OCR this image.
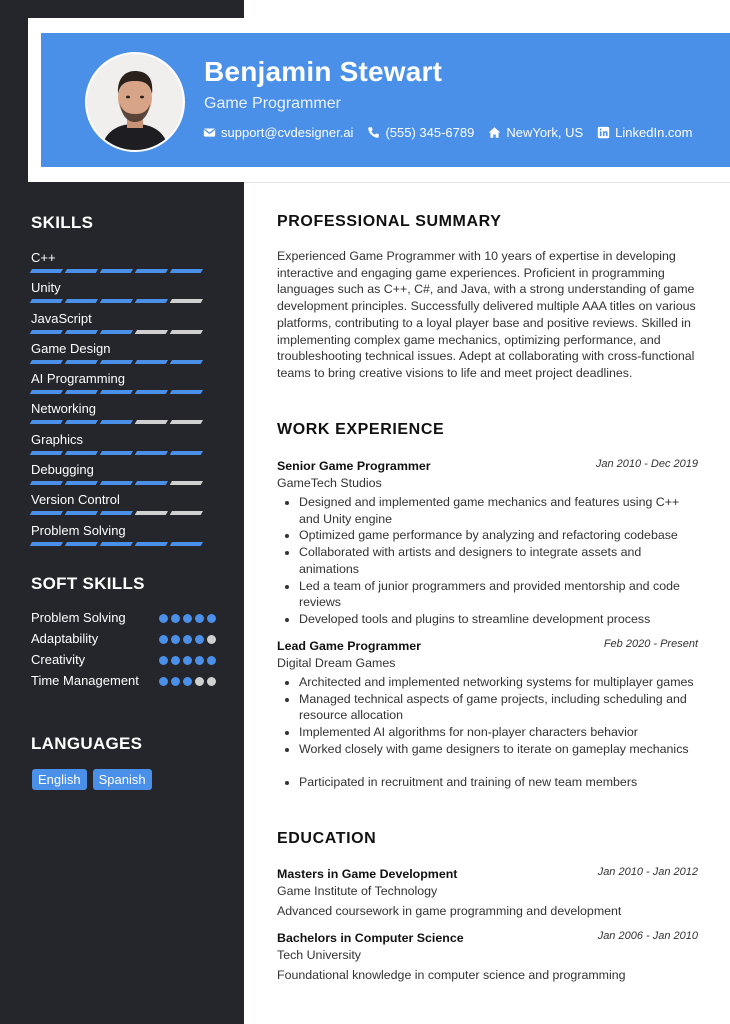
Benjamin Stewart

Game Programmer

support@cvdesigner.ai (555) 345-6789 NewYork, US LinkedIn.com
SKILLS
C++
Unity
JavaScript
Game Design
AI Programming
Networking
Graphics
Debugging
Version Control
Problem Solving
SOFT SKILLS
Problem Solving
Adaptability
Creativity
Time Management
LANGUAGES
English	Spanish
PROFESSIONAL SUMMARY

Experienced Game Programmer with 10 years of expertise in developing interactive and engaging game experiences. Proficient in programming languages such as C++, C#, and Java, with a strong understanding of game development principles. Successfully delivered multiple AAA titles on various platforms, contributing to a loyal player base and positive reviews. Skilled in implementing complex game mechanics, optimizing performance, and troubleshooting technical issues. Adept at collaborating with cross-functional teams to bring creative visions to life and meet project deadlines.

WORK EXPERIENCE
Jan 2010 - Dec 2019
Senior Game Programmer
GameTech Studios
• Designed and implemented game mechanics and features using C++ and Unity engine
• Optimized game performance by analyzing and refactoring codebase
• Collaborated with artists and designers to integrate assets and animations
• Led a team of junior programmers and provided mentorship and code reviews
• Developed tools and plugins to streamline development process
Feb 2020 - Present
Lead Game Programmer
Digital Dream Games
• Architected and implemented networking systems for multiplayer games
• Managed technical aspects of game projects, including scheduling and resource allocation
• Implemented AI algorithms for non-player characters behavior
• Worked closely with game designers to iterate on gameplay mechanics
• Participated in recruitment and training of new team members
EDUCATION
Jan 2010 - Jan 2012
Masters in Game Development
Game Institute of Technology
Advanced coursework in game programming and development
Jan 2006 - Jan 2010
Bachelors in Computer Science
Tech University
Foundational knowledge in computer science and programming
